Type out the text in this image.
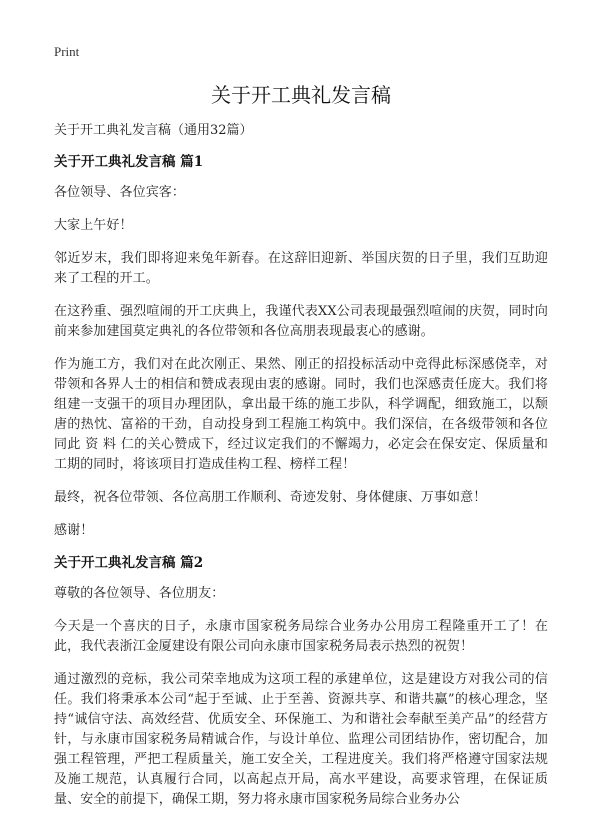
Print
关于开工典礼发言稿
关于开工典礼发言稿（通用32篇）
关于开工典礼发言稿 篇1

各位领导、各位宾客：

大家上午好！

邻近岁末，我们即将迎来兔年新春。在这辞旧迎新、举国庆贺的日子里，我们互助迎来了工程的开工。

在这矜重、强烈喧闹的开工庆典上，我谨代表XX公司表现最强烈喧闹的庆贺，同时向前来参加建国莫定典礼的各位带领和各位高朋表现最衷心的感谢。

作为施工方，我们对在此次刚正、果然、刚正的招投标活动中竞得此标深感侥幸，对带领和各界人士的相信和赞成表现由衷的感谢。同时，我们也深感责任庞大。我们将组建一支强干的项目办理团队，拿出最干练的施工步队，科学调配，细致施工，以颓唐的热忱、富裕的干劲，自动投身到工程施工构筑中。我们深信，在各级带领和各位同此 资 料 仁的关心赞成下，经过议定我们的不懈竭力，必定会在保安定、保质量和工期的同时，将该项目打造成佳构工程、榜样工程！

最终，祝各位带领、各位高朋工作顺利、奇迹发射、身体健康、万事如意！

感谢！

关于开工典礼发言稿 篇2

尊敬的各位领导、各位朋友：

今天是一个喜庆的日子，永康市国家税务局综合业务办公用房工程隆重开工了！在此，我代表浙江金厦建设有限公司向永康市国家税务局表示热烈的祝贺！

通过激烈的竞标，我公司荣幸地成为这项工程的承建单位，这是建设方对我公司的信任。我们将秉承本公司“起于至诚、止于至善、资源共享、和谐共赢”的核心理念，坚持“诚信守法、高效经营、优质安全、环保施工、为和谐社会奉献至美产品”的经营方针，与永康市国家税务局精诚合作，与设计单位、监理公司团结协作，密切配合，加强工程管理，严把工程质量关，施工安全关，工程进度关。我们将严格遵守国家法规及施工规范，认真履行合同，以高起点开局，高水平建设，高要求管理，在保证质量、安全的前提下，确保工期，努力将永康市国家税务局综合业务办公
